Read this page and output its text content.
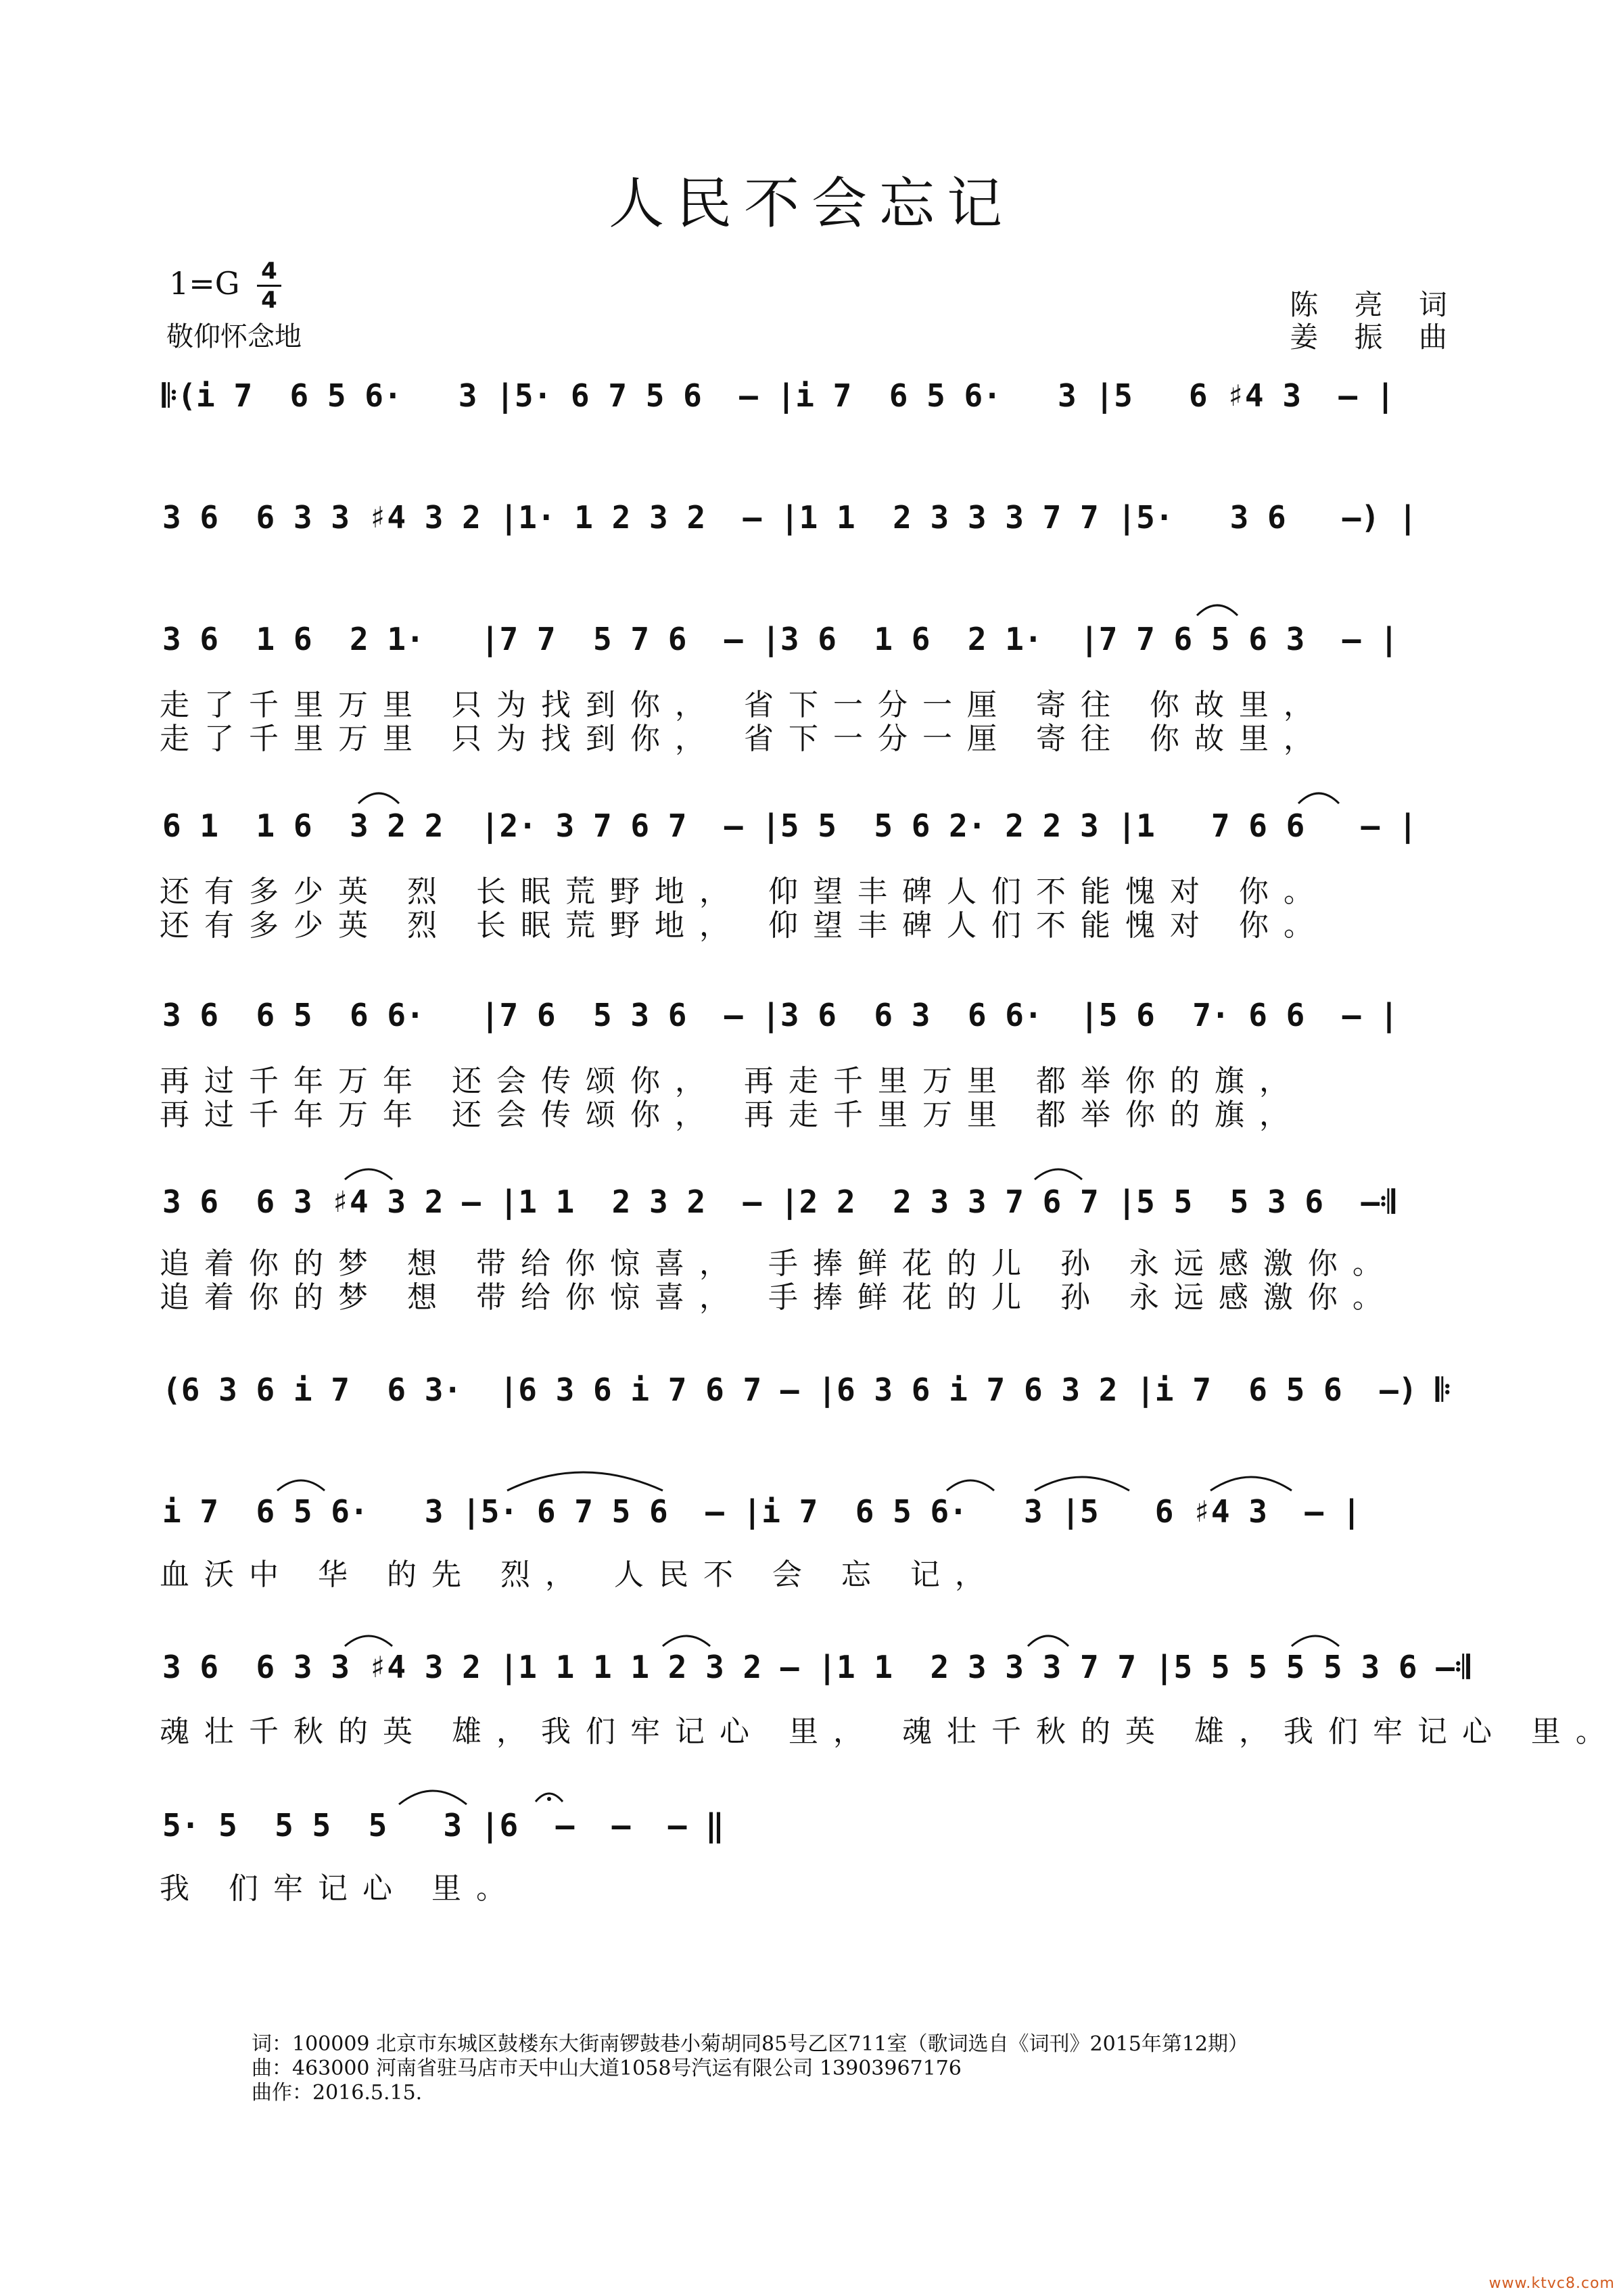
人民不会忘记
1=G 4
4
敬仰怀念地
陈 亮 词
姜 振 曲
𝄆(i 7  6 5 6·   3 |5· 6 7 5 6  – |i 7  6 5 6·   3 |5   6 ♯4 3  – |
3 6  6 3 3 ♯4 3 2 |1· 1 2 3 2  – |1 1  2 3 3 3 7 7 |5·   3 6   –) |
3 6  1 6  2 1·   |7 7  5 7 6  – |3 6  1 6  2 1·  |7 7 6 5 6 3  – |
走了千里万里 只为找到你， 省下一分一厘 寄往 你故里，
走了千里万里 只为找到你， 省下一分一厘 寄往 你故里，
6 1  1 6  3 2 2  |2· 3 7 6 7  – |5 5  5 6 2· 2 2 3 |1   7 6 6   – |
还有多少英 烈 长眠荒野地， 仰望丰碑人们不能愧对 你。
还有多少英 烈 长眠荒野地， 仰望丰碑人们不能愧对 你。
3 6  6 5  6 6·   |7 6  5 3 6  – |3 6  6 3  6 6·  |5 6  7· 6 6  – |
再过千年万年 还会传颂你， 再走千里万里 都举你的旗，
再过千年万年 还会传颂你， 再走千里万里 都举你的旗，
3 6  6 3 ♯4 3 2 – |1 1  2 3 2  – |2 2  2 3 3 7 6 7 |5 5  5 3 6  –𝄇
追着你的梦 想 带给你惊喜， 手捧鲜花的儿 孙 永远感激你。
追着你的梦 想 带给你惊喜， 手捧鲜花的儿 孙 永远感激你。
(6 3 6 i 7  6 3·  |6 3 6 i 7 6 7 – |6 3 6 i 7 6 3 2 |i 7  6 5 6  –) 𝄆
i 7  6 5 6·   3 |5· 6 7 5 6  – |i 7  6 5 6·   3 |5   6 ♯4 3  – |
血沃中 华 的先 烈， 人民不 会 忘 记，
3 6  6 3 3 ♯4 3 2 |1 1 1 1 2 3 2 – |1 1  2 3 3 3 7 7 |5 5 5 5 5 3 6 –𝄇
魂壮千秋的英 雄，我们牢记心 里， 魂壮千秋的英 雄，我们牢记心 里。
5· 5  5 5  5   3 |6  –  –  – ‖
我 们牢记心 里。
词：100009 北京市东城区鼓楼东大街南锣鼓巷小菊胡同85号乙区711室（歌词选自《词刊》2015年第12期）
曲：463000 河南省驻马店市天中山大道1058号汽运有限公司 13903967176
曲作：2016.5.15.
www.ktvc8.com
